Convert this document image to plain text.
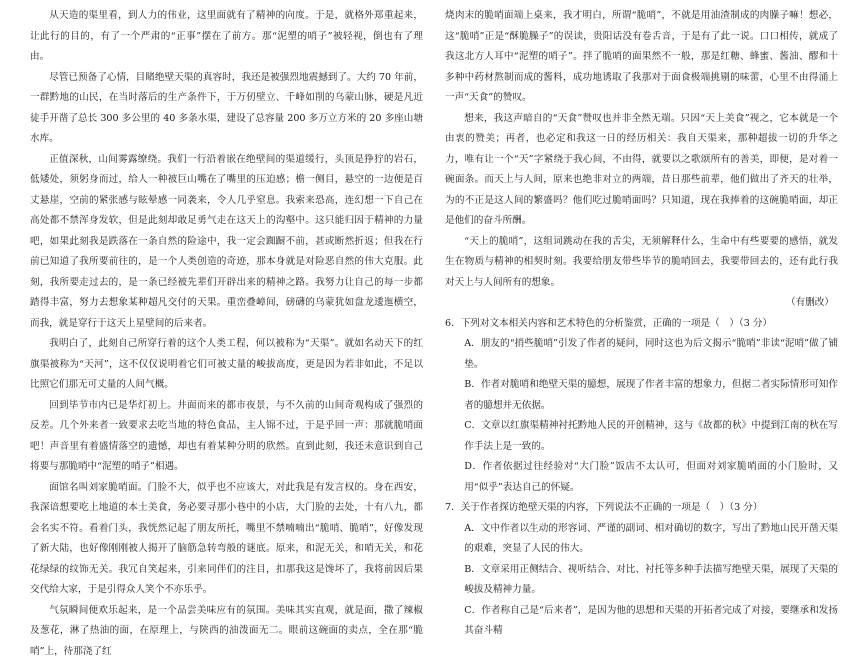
从天造的渠里看，到人力的伟业，这里面就有了精神的向度。于是，就格外郑重起来，让此行的目的，有了一个严肃的“正事”摆在了前方。那“泥塑的哨子”被轻视，倒也有了理由。

尽管已预备了心情，目睹绝壁天渠的真容时，我还是被强烈地震撼到了。大约 70 年前，一群黔地的山民，在当时落后的生产条件下，于万仞壁立、千峰如削的乌蒙山脉，硬是凡近徒手开凿了总长 300 多公里的 40 多条水渠，建设了总容量 200 多万立方米的 20 多座山塘水库。

正值深秋，山间雾露缭绕。我们一行沿着嵌在绝壁间的渠道缓行，头顶是狰狞的岩石，低矮处，须躬身而过，给人一种被巨山嘴在了嘴里的压迫感；檐一侧目，悬空的一边便是百丈悬崖，空前的紧张感与眩晕感一同袭来，令人几乎窒息。我索来恐高，连幻想一下自己在高处都不禁浑身发软，但是此刻却敢足勇气走在这天上的沟壑中。这只能归因于精神的力量吧，如果此刻我是跌落在一条自然的险途中，我一定会踟蹰不前，甚或断然折返；但我在行前已知道了我所要前往的，是一个人类创造的奇迹，那本身就是对险恶自然的伟大克服。此刻，我所要走过去的，是一条已经被先辈们开辟出来的精神之路。我努力让自己的每一步都踏得丰富，努力去想象某种超凡交付的天果。重峦叠嶂间，磅礴的乌蒙犹如盘龙逶迤横空，而我，就是穿行于这天上星壁间的后来者。

我明白了，此刻自己所穿行着的这个人类工程，何以被称为“天渠”。就如名动天下的红旗渠被称为“天河”，这不仅仅说明着它们可被丈量的峻拔高度，更是因为若非如此，不足以比照它们那无可丈量的人间气概。

回到毕节市内已是华灯初上。井面而来的都市夜景，与不久前的山间奇观构成了强烈的反差。几个外来者一致要求去吃当地的特色食品，主人锦不过，于是乎回一声：那就脆哨面吧！声音里有着盛情落空的遗憾，却也有着某种分明的欣然。直到此刻，我还未意识到自己将要与那脆哨中“泥塑的哨子”相遇。

面馆名叫刘家脆哨面。门脸不大，似乎也不应该大，对此我是有发言权的。身在西安，我深谙想要吃上地道的本土美食，务必要寻那小巷中的小店，大门脸的去处，十有八九，都会名实不符。看着门头，我恍然记起了朋友所托，嘴里不禁喃喃出“脆哨、脆哨”，好像发现了新大陆，也好像刚刚被人揭开了脑筋急转弯般的谜底。原来，和泥无关，和哨无关，和花花绿绿的纹饰无关。我冗自笑起来，引来同伴们的注目，扣那我这是馋坏了，我将前因后果交代给大家，于是引得众人笑个不亦乐乎。

气氛瞬间便欢乐起来，是一个品尝美味应有的氛围。美味其实直观，就是面，撒了辣椒及葱花，淋了热油的面，在原理上，与陕西的油泼面无二。眼前这碗面的卖点，全在那“脆哨”上，待那浇了红

烧肉末的脆哨面端上桌来，我才明白，所谓“脆哨”，不就是用油渣制成的肉臊子嘛！想必，这“脆哨”正是“酥脆臊子”的误读，贵阳话没有卷舌音，于是有了此一说。口口相传，就成了我这北方人耳中“泥塑的哨子”。拌了脆哨的面果然不一般，那是红糖、蜂蜜、酱油、醪和十多种中药材熬制而成的酱料，成功地诱取了我那对于面食极端挑剔的味蕾，心里不由得涌上一声“天食”的赞叹。

想来，我这声暗自的“天食”赞叹也并非全然无端。只因“天上美食”视之，它本就是一个由衷的赞美；再者，也必定和我这一日的经历相关：我自天渠来，那种超拔一切的升华之力，唯有让一个“天”字紧绕于我心间，不由得，就要以之歌颂所有的善美，即便，是对着一碗面条。而天上与人间，原来也绝非对立的两端，昔日那些前辈，他们做出了齐天的壮举，为的不正是这人间的繁盛吗？他们吃过脆哨面吗？只知道，现在我捧着的这碗脆哨面，却正是他们的奋斗所酬。

“天上的脆哨”，这组词跳动在我的舌尖，无须解释什么，生命中有些要要的感悟，就发生在物质与精神的相契时刻。我要给朋友带些毕节的脆哨回去，我要带回去的，还有此行我对天上与人间所有的想象。

（有删改）

6．下列对文本相关内容和艺术特色的分析鉴赏，正确的一项是（　）（3 分）

A．朋友的“捎些脆哨”引发了作者的疑问，同时这也为后文揭示“脆哨”非读“泥哨”做了铺垫。

B．作者对脆哨和绝壁天渠的臆想，展现了作者丰富的想象力，但据二者实际情形可知作者的臆想并无依据。

C．文章以红旗渠精神衬托黔地人民的开创精神，这与《故都的秋》中提到江南的秋在写作手法上是一致的。

D．作者依据过往经验对“大门脸”饭店不太认可，但面对刘家脆哨面的小门脸时，又用“似乎”表达自己的怀疑。

7．关于作者探访绝壁天渠的内容，下列说法不正确的一项是（　）（3 分）

A．文中作者以生动的形容词、严谨的副词、相对确切的数字，写出了黔地山民开凿天渠的艰难，突显了人民的伟大。

B．文章采用正侧结合、视听结合、对比、衬托等多种手法描写绝壁天渠，展现了天渠的峻拔及精神力量。

C．作者称自己是“后来者”，是因为他的思想和天渠的开拓者完成了对接，要继承和发扬其奋斗精
